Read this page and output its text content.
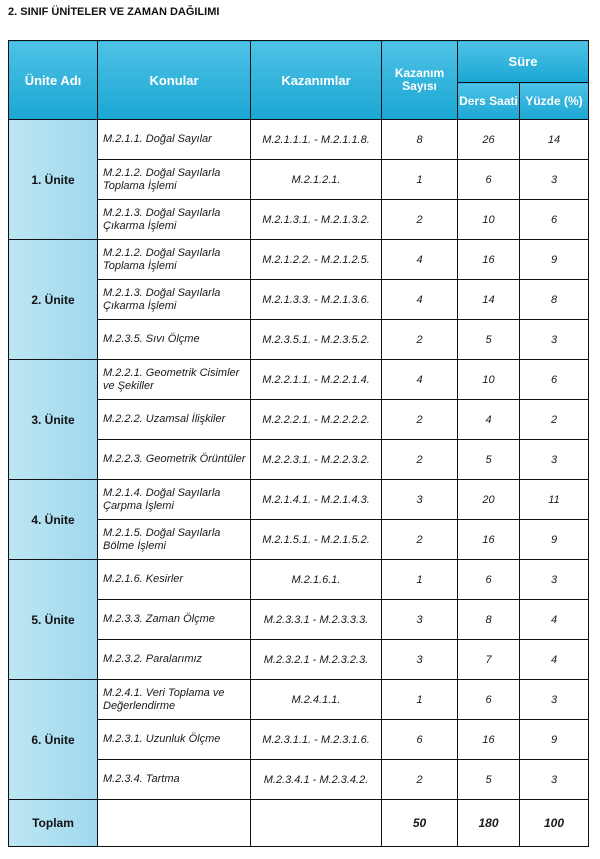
2. SINIF ÜNİTELER VE ZAMAN DAĞILIMI
Ünite Adı	Konular	Kazanımlar	Kazanım Sayısı	Süre	
				Ders Saati	Yüzde (%)
1. Ünite	M.2.1.1. Doğal Sayılar	M.2.1.1.1. - M.2.1.1.8.	8	26	14
	M.2.1.2. Doğal Sayılarla Toplama İşlemi	M.2.1.2.1.	1	6	3
	M.2.1.3. Doğal Sayılarla Çıkarma İşlemi	M.2.1.3.1. - M.2.1.3.2.	2	10	6
2. Ünite	M.2.1.2. Doğal Sayılarla Toplama İşlemi	M.2.1.2.2. - M.2.1.2.5.	4	16	9
	M.2.1.3. Doğal Sayılarla Çıkarma İşlemi	M.2.1.3.3. - M.2.1.3.6.	4	14	8
	M.2.3.5. Sıvı Ölçme	M.2.3.5.1. - M.2.3.5.2.	2	5	3
3. Ünite	M.2.2.1. Geometrik Cisimler ve Şekiller	M.2.2.1.1. - M.2.2.1.4.	4	10	6
	M.2.2.2. Uzamsal İlişkiler	M.2.2.2.1. - M.2.2.2.2.	2	4	2
	M.2.2.3. Geometrik Örüntüler	M.2.2.3.1. - M.2.2.3.2.	2	5	3
4. Ünite	M.2.1.4. Doğal Sayılarla Çarpma İşlemi	M.2.1.4.1. - M.2.1.4.3.	3	20	11
	M.2.1.5. Doğal Sayılarla Bölme İşlemi	M.2.1.5.1. - M.2.1.5.2.	2	16	9
5. Ünite	M.2.1.6. Kesirler	M.2.1.6.1.	1	6	3
	M.2.3.3. Zaman Ölçme	M.2.3.3.1 - M.2.3.3.3.	3	8	4
	M.2.3.2. Paralarımız	M.2.3.2.1 - M.2.3.2.3.	3	7	4
6. Ünite	M.2.4.1. Veri Toplama ve Değerlendirme	M.2.4.1.1.	1	6	3
	M.2.3.1. Uzunluk Ölçme	M.2.3.1.1. - M.2.3.1.6.	6	16	9
	M.2.3.4. Tartma	M.2.3.4.1 - M.2.3.4.2.	2	5	3
Toplam			50	180	100
